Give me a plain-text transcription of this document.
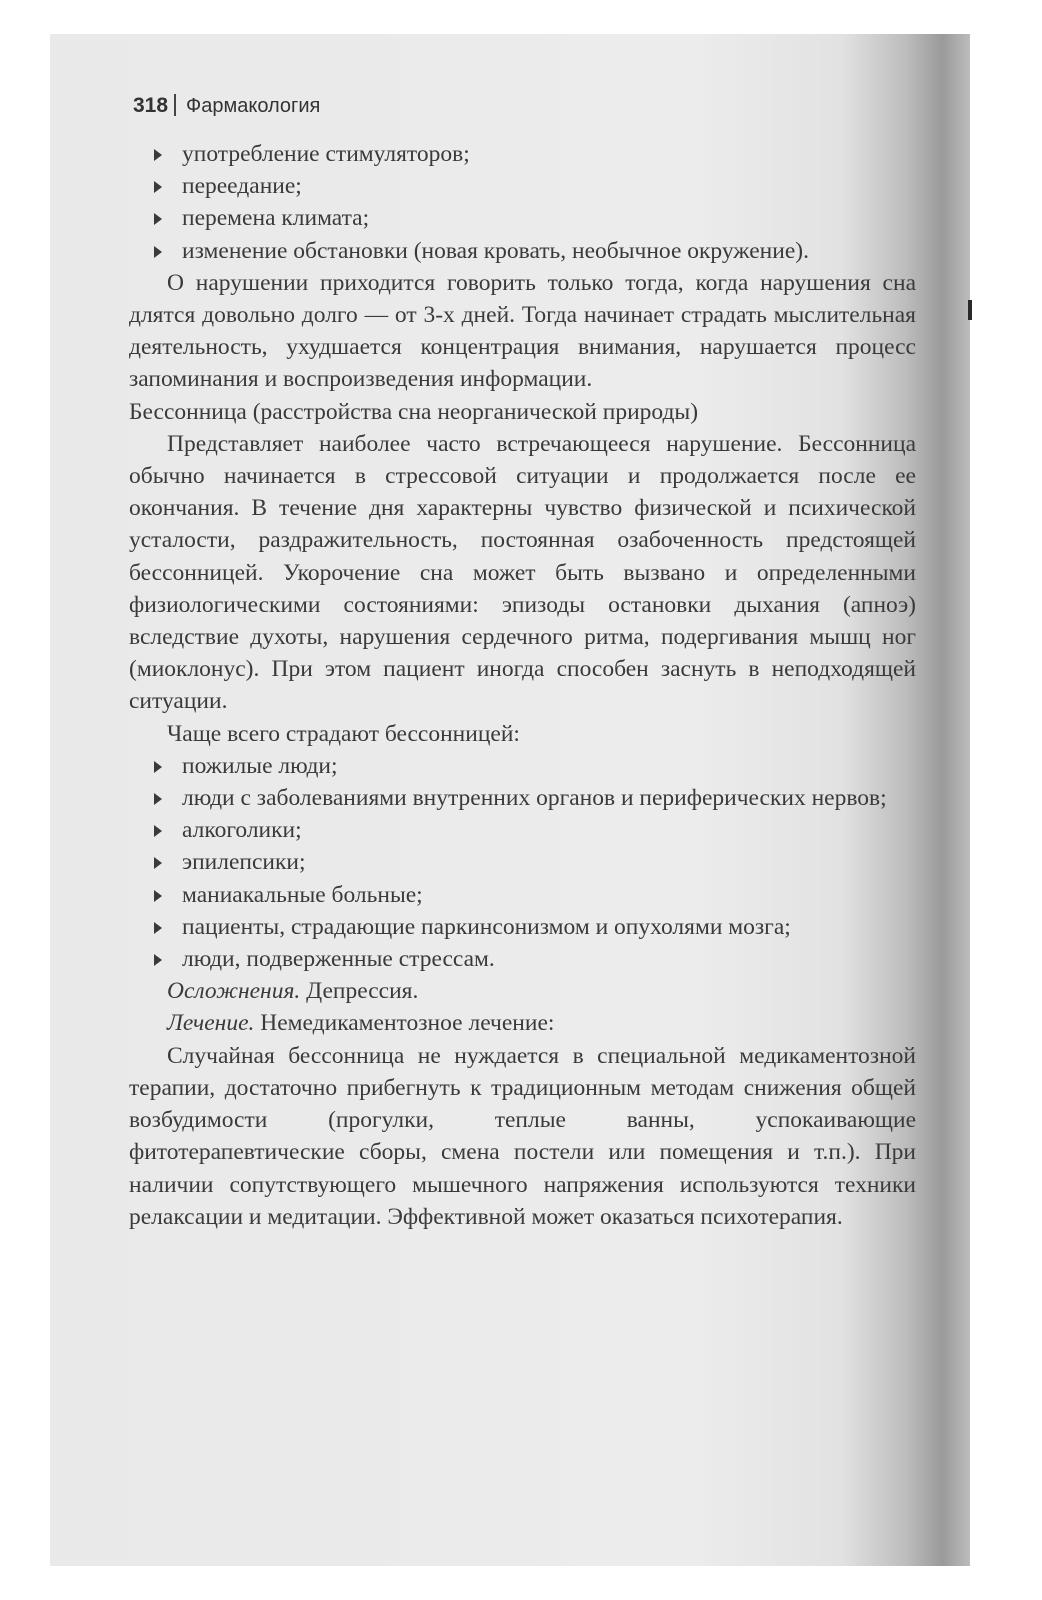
318 Фармакология
употребление стимуляторов;
переедание;
перемена климата;
изменение обстановки (новая кровать, необычное окружение).

О нарушении приходится говорить только тогда, когда нарушения сна длятся довольно долго — от 3-х дней. Тогда начинает страдать мыслительная деятельность, ухудшается концентрация внимания, нарушается процесс запоминания и воспроизведения информации.

Бессонница (расстройства сна неорганической природы)

Представляет наиболее часто встречающееся нарушение. Бессонница обычно начинается в стрессовой ситуации и продолжается после ее окончания. В течение дня характерны чувство физической и психической усталости, раздражительность, постоянная озабоченность предстоящей бессонницей. Укорочение сна может быть вызвано и определенными физиологическими состояниями: эпизоды остановки дыхания (апноэ) вследствие духоты, нарушения сердечного ритма, подергивания мышц ног (миоклонус). При этом пациент иногда способен заснуть в неподходящей ситуации.

Чаще всего страдают бессонницей:

пожилые люди;
люди с заболеваниями внутренних органов и периферических нервов;
алкоголики;
эпилепсики;
маниакальные больные;
пациенты, страдающие паркинсонизмом и опухолями мозга;
люди, подверженные стрессам.

Осложнения. Депрессия.

Лечение. Немедикаментозное лечение:

Случайная бессонница не нуждается в специальной медикаментозной терапии, достаточно прибегнуть к традиционным методам снижения общей возбудимости (прогулки, теплые ванны, успокаивающие фитотерапевтические сборы, смена постели или помещения и т.п.). При наличии сопутствующего мышечного напряжения используются техники релаксации и медитации. Эффективной может оказаться психотерапия.
